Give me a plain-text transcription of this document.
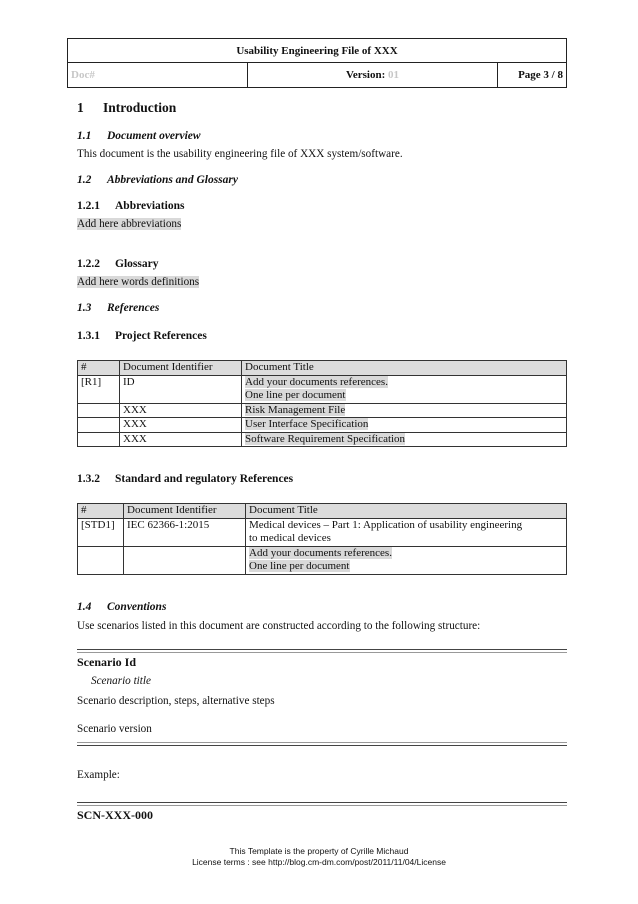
Usability Engineering File of XXX
Doc#	Version: 01	Page 3 / 8
1 Introduction
1.1 Document overview
This document is the usability engineering file of XXX system/software.
1.2 Abbreviations and Glossary
1.2.1 Abbreviations
Add here abbreviations
1.2.2 Glossary
Add here words definitions
1.3 References
1.3.1 Project References
#	Document Identifier	Document Title
[R1]	ID	Add your documents references.
One line per document
	XXX	Risk Management File
	XXX	User Interface Specification
	XXX	Software Requirement Specification
1.3.2 Standard and regulatory References
#	Document Identifier	Document Title
[STD1]	IEC 62366-1:2015	Medical devices – Part 1: Application of usability engineering
to medical devices
		Add your documents references.
One line per document
1.4 Conventions
Use scenarios listed in this document are constructed according to the following structure:
Scenario Id
Scenario title
Scenario description, steps, alternative steps
Scenario version
Example:
SCN-XXX-000
This Template is the property of Cyrille Michaud
License terms : see http://blog.cm-dm.com/post/2011/11/04/License
